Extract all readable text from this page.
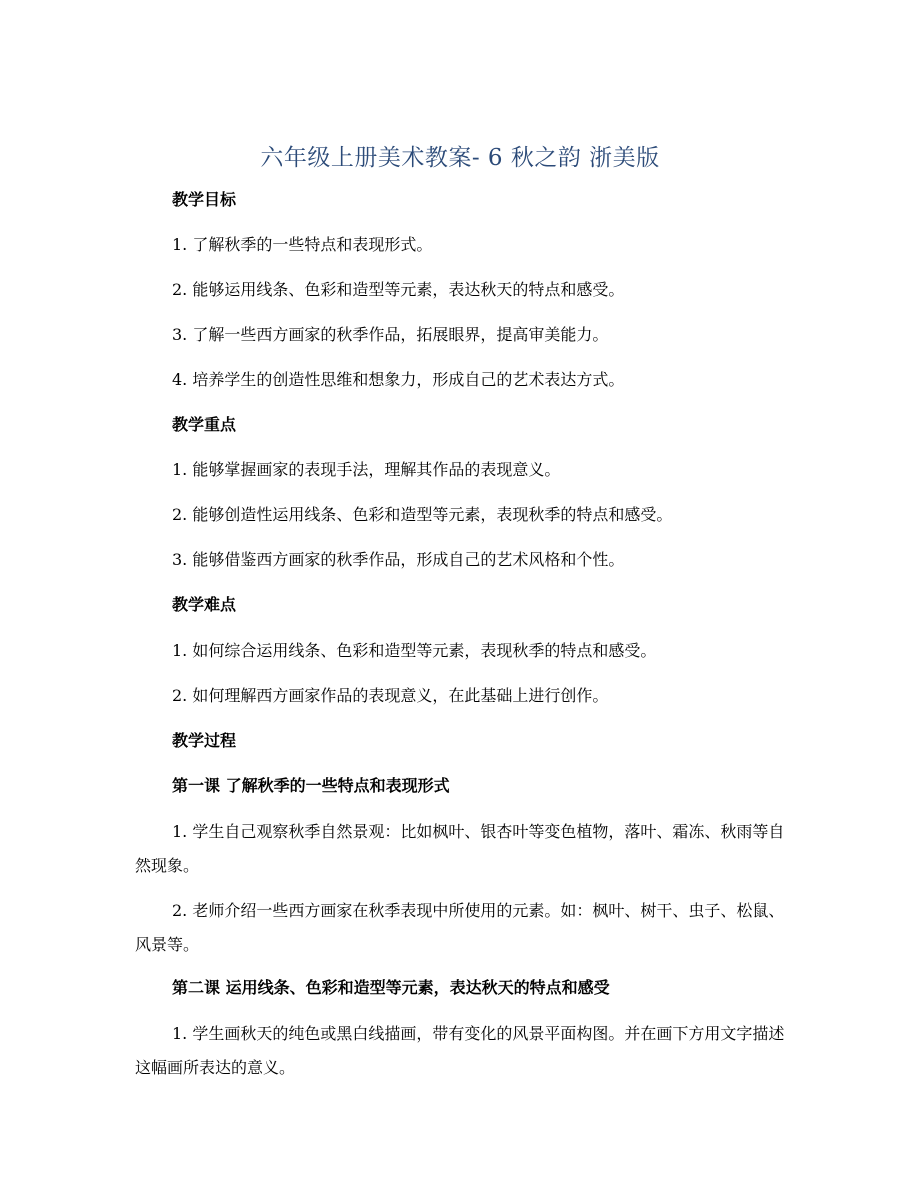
六年级上册美术教案- 6 秋之韵 浙美版
教学目标
1. 了解秋季的一些特点和表现形式。
2. 能够运用线条、色彩和造型等元素，表达秋天的特点和感受。
3. 了解一些西方画家的秋季作品，拓展眼界，提高审美能力。
4. 培养学生的创造性思维和想象力，形成自己的艺术表达方式。
教学重点
1. 能够掌握画家的表现手法，理解其作品的表现意义。
2. 能够创造性运用线条、色彩和造型等元素，表现秋季的特点和感受。
3. 能够借鉴西方画家的秋季作品，形成自己的艺术风格和个性。
教学难点
1. 如何综合运用线条、色彩和造型等元素，表现秋季的特点和感受。
2. 如何理解西方画家作品的表现意义，在此基础上进行创作。
教学过程
第一课 了解秋季的一些特点和表现形式
1. 学生自己观察秋季自然景观：比如枫叶、银杏叶等变色植物，落叶、霜冻、秋雨等自然现象。
2. 老师介绍一些西方画家在秋季表现中所使用的元素。如：枫叶、树干、虫子、松鼠、风景等。
第二课 运用线条、色彩和造型等元素，表达秋天的特点和感受
1. 学生画秋天的纯色或黑白线描画，带有变化的风景平面构图。并在画下方用文字描述这幅画所表达的意义。
